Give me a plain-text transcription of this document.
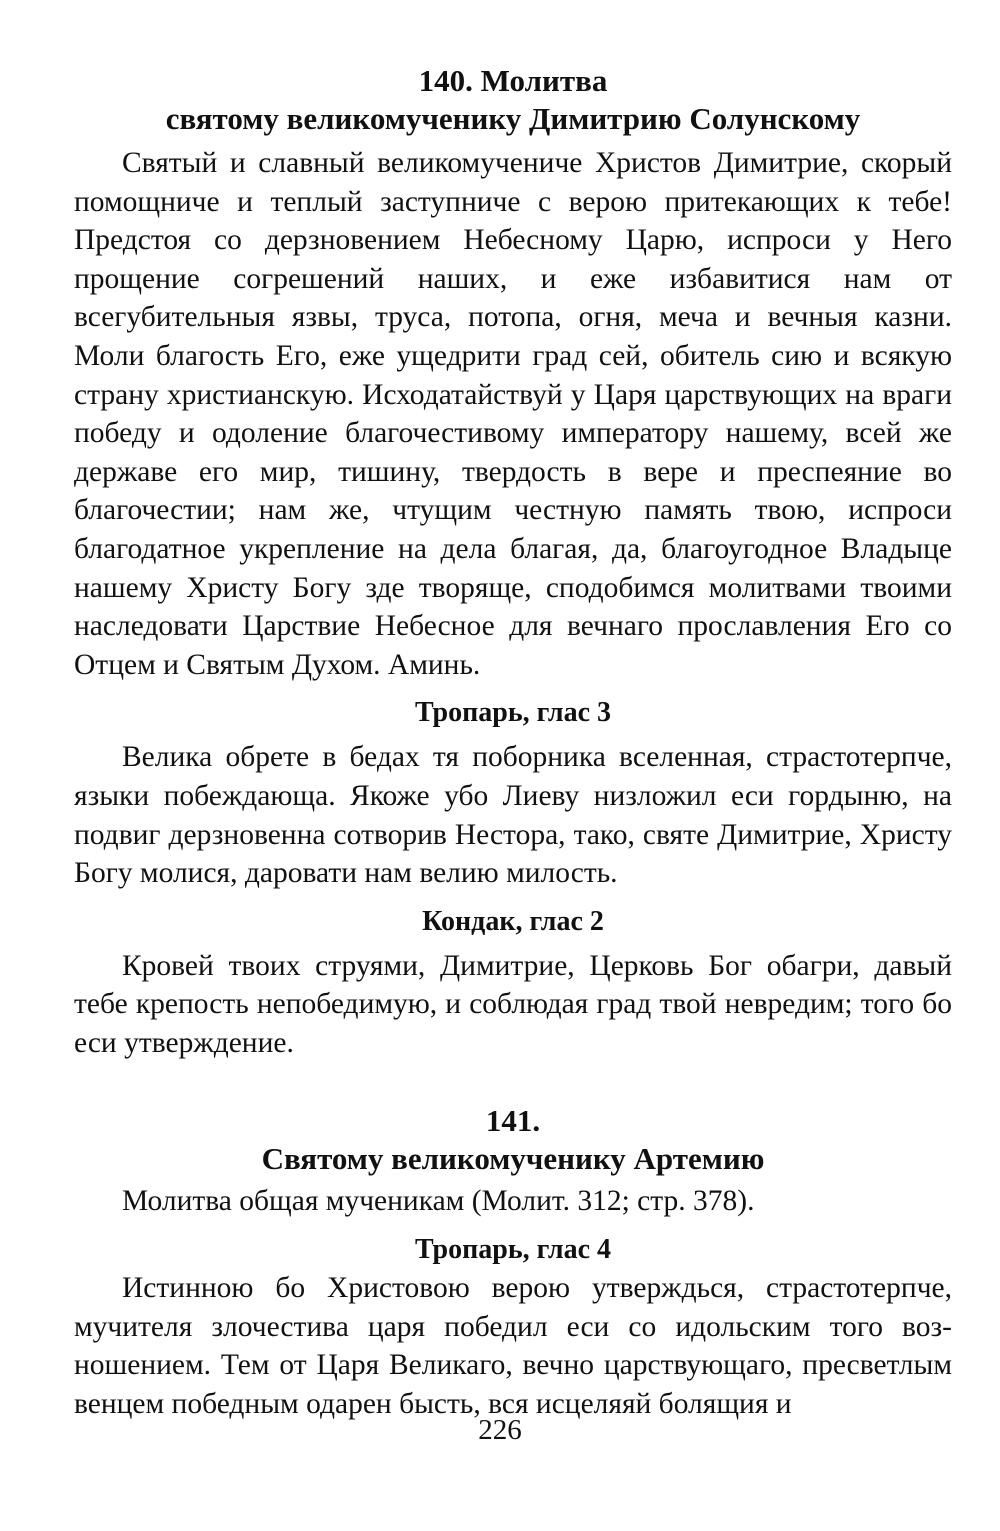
140. Молитва
святому великомученику Димитрию Солунскому

Святый и славный великомучениче Христов Димитрие, скорый помощниче и теплый заступниче с верою притекающих к тебе! Предстоя со дерзновением Небесному Царю, испроси у Него прощение согрешений наших, и еже избавитися нам от всегубительныя язвы, труса, потопа, огня, меча и вечныя казни. Моли благость Его, еже ущедрити град сей, обитель сию и всякую страну христианскую. Исходатайствуй у Царя царствующих на враги победу и одоление благочестивому императору нашему, всей же державе его мир, тишину, твердость в вере и преспеяние во благочестии; нам же, чтущим честную память твою, испроси благодатное укрепление на дела благая, да, благоугодное Владыце нашему Христу Богу зде творяще, сподобимся молитвами твоими наследовати Царствие Небесное для вечнаго прославления Его со Отцем и Святым Духом. Аминь.

Тропарь, глас 3

Велика обрете в бедах тя поборника вселенная, страстотерпче, языки побеждающа. Якоже убо Лиеву низложил еси гордыню, на подвиг дерзновенна сотворив Нестора, тако, святе Димитрие, Христу Богу молися, даровати нам велию милость.

Кондак, глас 2

Кровей твоих струями, Димитрие, Церковь Бог обагри, давый тебе крепость непобедимую, и соблюдая град твой невредим; того бо еси утверждение.

141.
Святому великомученику Артемию

Молитва общая мученикам (Молит. 312; стр. 378).

Тропарь, глас 4

Истинною бо Христовою верою утверждься, страстотерпче, мучителя злочестива царя победил еси со идольским того возношением. Тем от Царя Великаго, вечно царствующаго, пресветлым венцем победным одарен бысть, вся исцеляяй болящия и

226
